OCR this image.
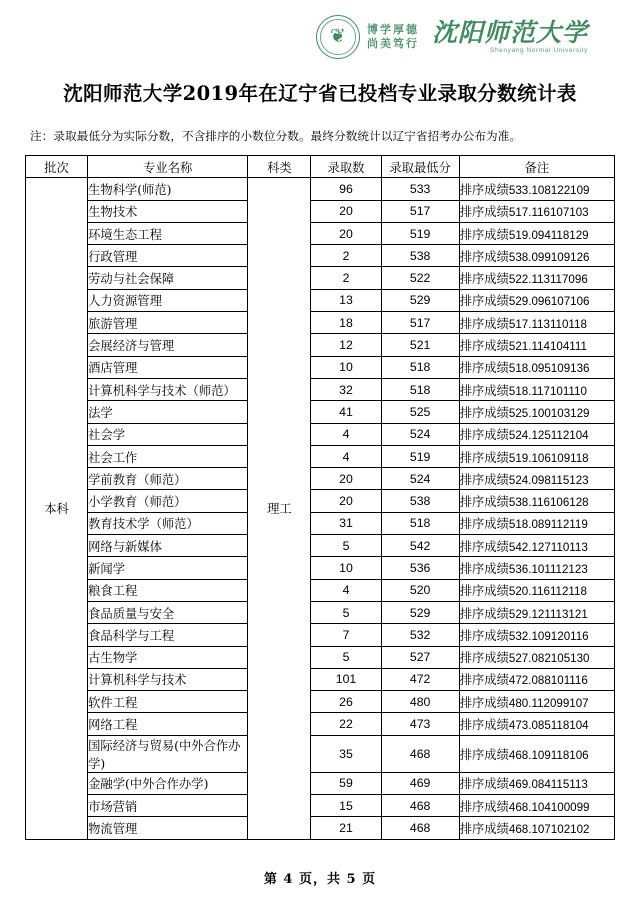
❦	博学厚德
尚美笃行 沈阳师范大学
Shenyang Normal University
沈阳师范大学2019年在辽宁省已投档专业录取分数统计表
注：录取最低分为实际分数，不含排序的小数位分数。最终分数统计以辽宁省招考办公布为准。
批次	专业名称	科类	录取数	录取最低分	备注
本科	生物科学(师范)	理工	96	533	排序成绩533.108122109
	生物技术		20	517	排序成绩517.116107103
	环境生态工程		20	519	排序成绩519.094118129
	行政管理		2	538	排序成绩538.099109126
	劳动与社会保障		2	522	排序成绩522.113117096
	人力资源管理		13	529	排序成绩529.096107106
	旅游管理		18	517	排序成绩517.113110118
	会展经济与管理		12	521	排序成绩521.114104111
	酒店管理		10	518	排序成绩518.095109136
	计算机科学与技术（师范）		32	518	排序成绩518.117101110
	法学		41	525	排序成绩525.100103129
	社会学		4	524	排序成绩524.125112104
	社会工作		4	519	排序成绩519.106109118
	学前教育（师范）		20	524	排序成绩524.098115123
	小学教育（师范）		20	538	排序成绩538.116106128
	教育技术学（师范）		31	518	排序成绩518.089112119
	网络与新媒体		5	542	排序成绩542.127110113
	新闻学		10	536	排序成绩536.101112123
	粮食工程		4	520	排序成绩520.116112118
	食品质量与安全		5	529	排序成绩529.121113121
	食品科学与工程		7	532	排序成绩532.109120116
	古生物学		5	527	排序成绩527.082105130
	计算机科学与技术		101	472	排序成绩472.088101116
	软件工程		26	480	排序成绩480.112099107
	网络工程		22	473	排序成绩473.085118104
	国际经济与贸易(中外合作办学)		35	468	排序成绩468.109118106
	金融学(中外合作办学)		59	469	排序成绩469.084115113
	市场营销		15	468	排序成绩468.104100099
	物流管理		21	468	排序成绩468.107102102
第 4 页，共 5 页
